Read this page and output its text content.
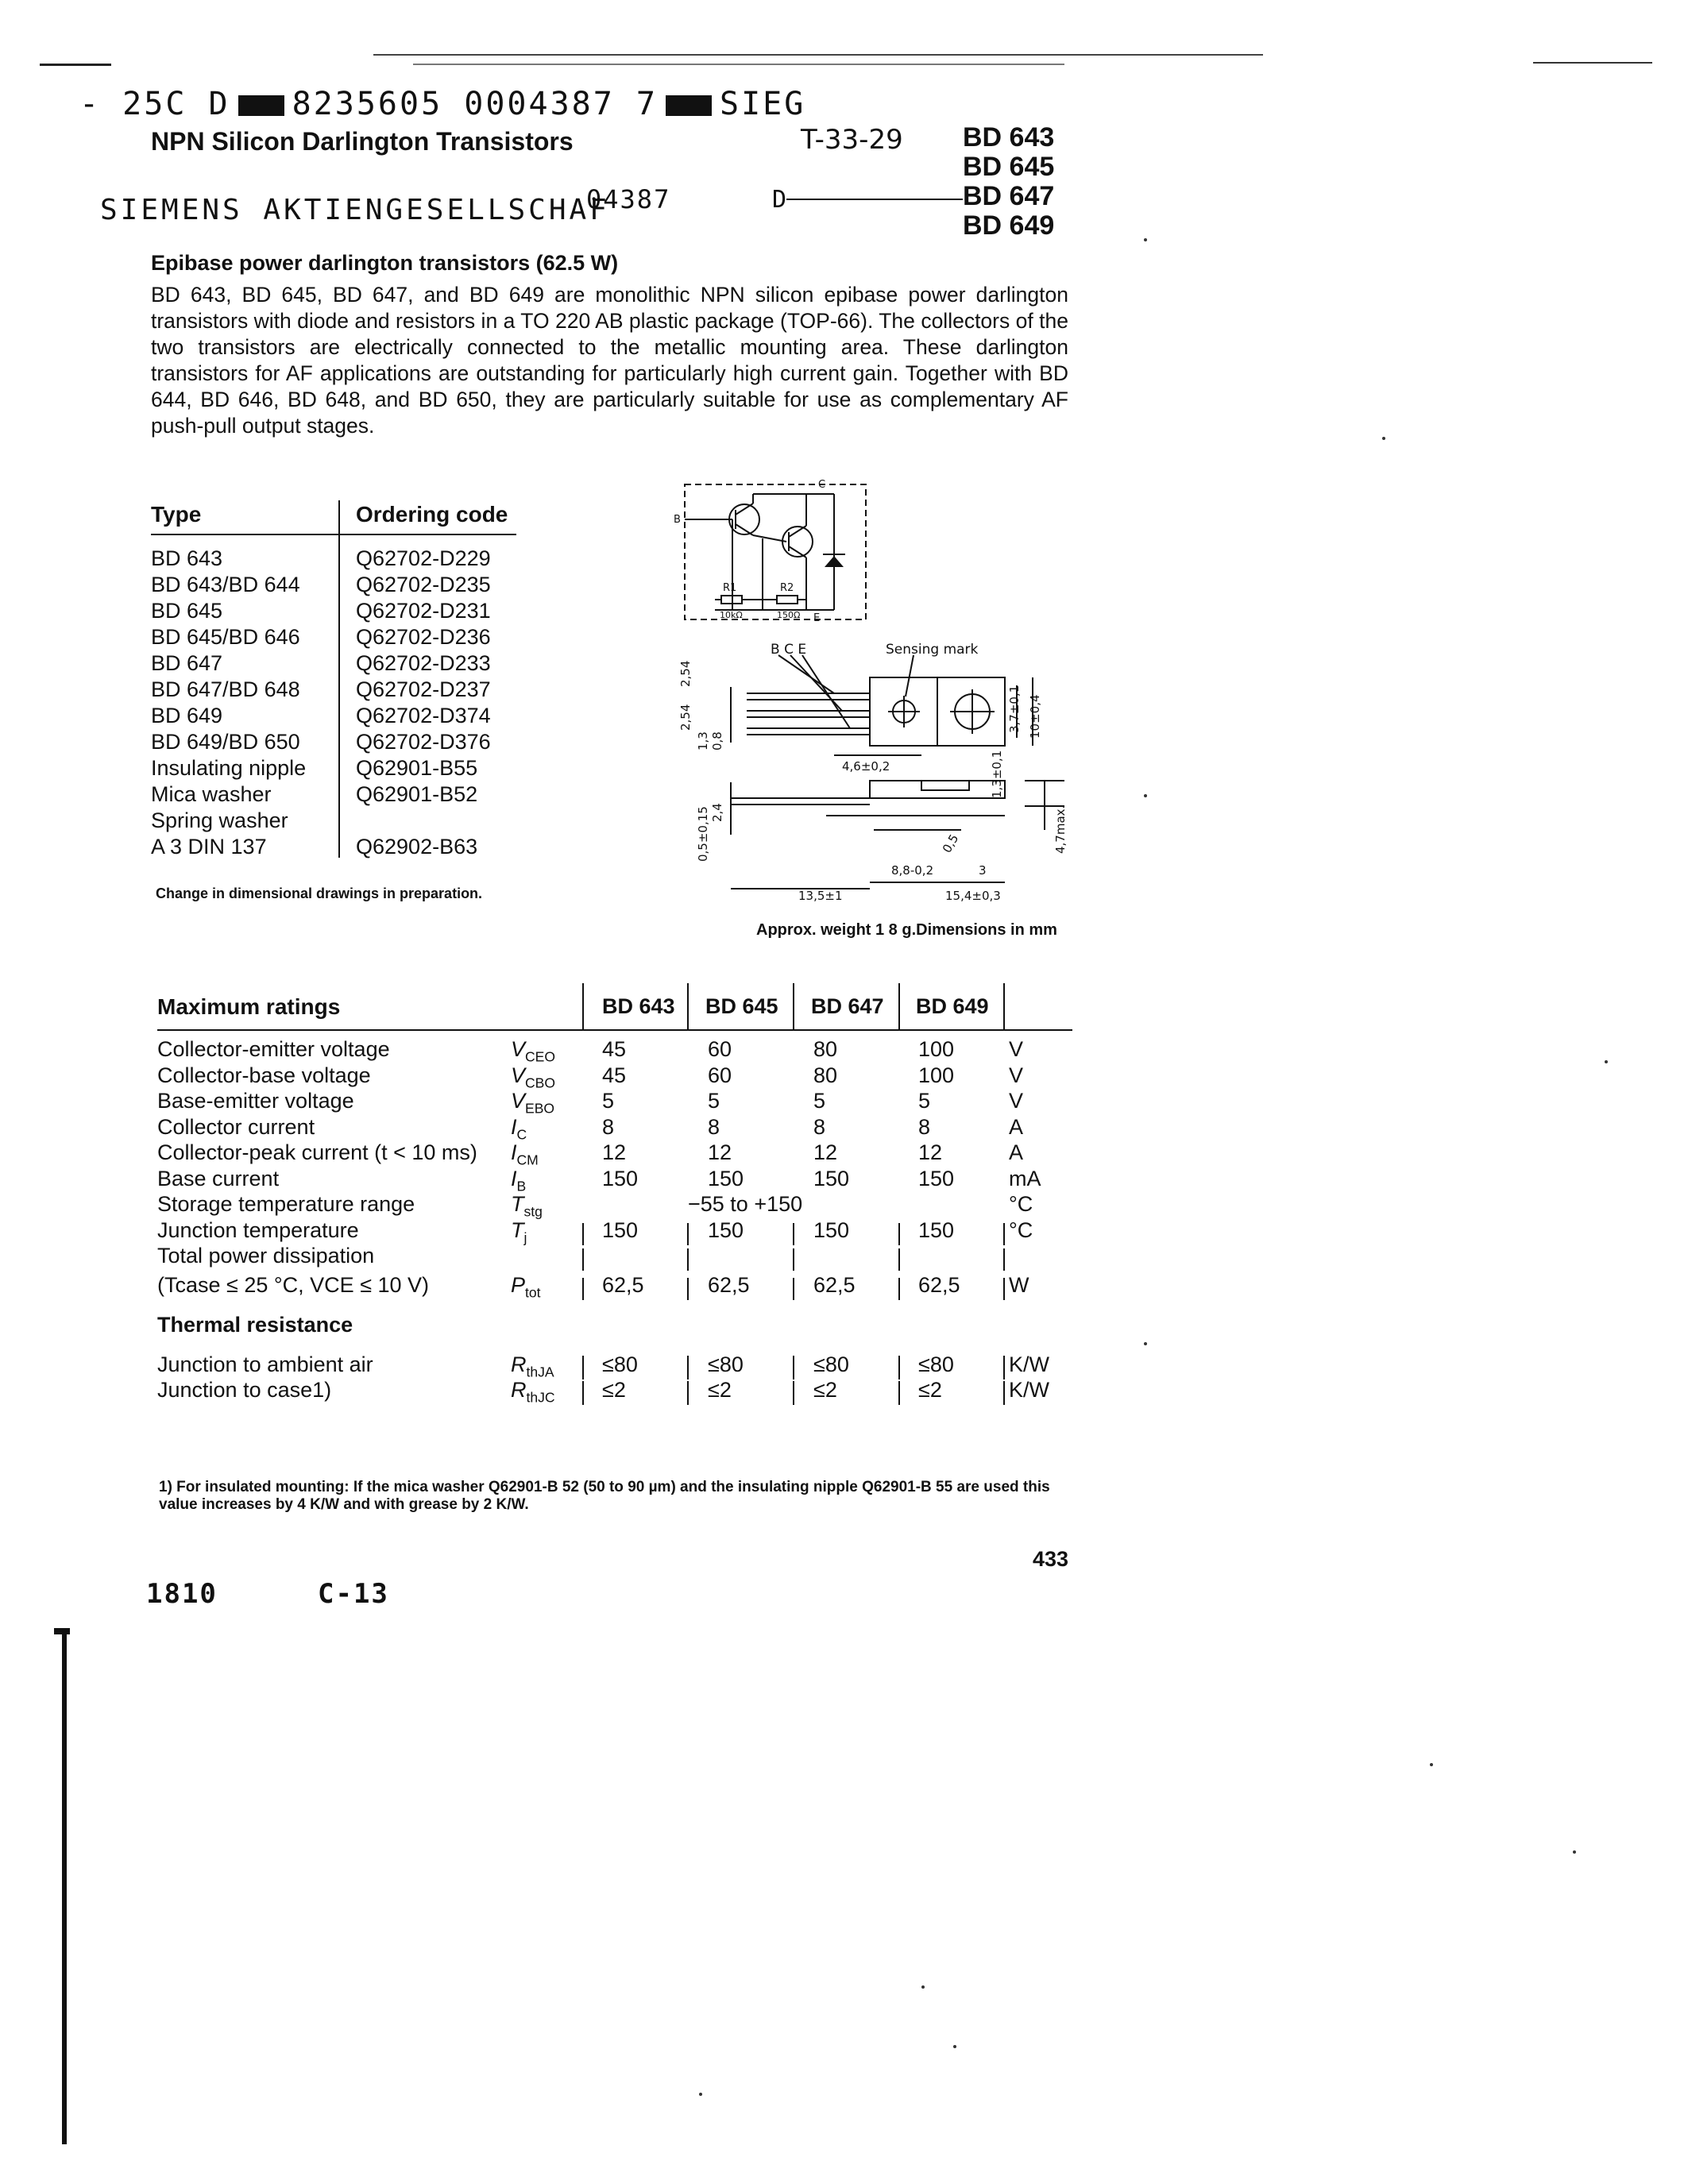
- 25C D 8235605 0004387 7 SIEG
NPN Silicon Darlington Transistors	T-33-29 BD 643
BD 645
BD 647
BD 649
SIEMENS AKTIENGESELLSCHAF
04387	D
Epibase power darlington transistors (62.5 W)
BD 643, BD 645, BD 647, and BD 649 are monolithic NPN silicon epibase power darlington transistors with diode and resistors in a TO 220 AB plastic package (TOP-66). The collectors of the two transistors are electrically connected to the metallic mounting area. These darlington transistors for AF applications are outstanding for particularly high current gain. Together with BD 644, BD 646, BD 648, and BD 650, they are particularly suitable for use as complementary AF push-pull output stages.
Type	Ordering code
BD 643	Q62702-D229
BD 643/BD 644	Q62702-D235
BD 645	Q62702-D231
BD 645/BD 646	Q62702-D236
BD 647	Q62702-D233
BD 647/BD 648	Q62702-D237
BD 649	Q62702-D374
BD 649/BD 650	Q62702-D376
Insulating nipple Q62901-B55
Mica washer	Q62901-B52
Spring washer
A 3 DIN 137	Q62902-B63
Change in dimensional drawings in preparation.
C
B
E
R1	R2
10kΩ	150Ω
B C E	Sensing mark
2,54
2,54
1,3 0,8
4,6±0,2
3,7±0,1 10±0,4
1,3±0,1
4,7max.
2,4
0,5±0,15
13,5±1
8,8-0,2
15,4±0,3
3
0,5
Approx. weight 1 8 g.Dimensions in mm
Maximum ratings	BD 643 BD 645 BD 647 BD 649
Collector-emitter voltage	$V_{CEO}$ 45	60	80	100	V
Collector-base voltage	$V_{CBO}$ 45	60	80	100	V
Base-emitter voltage	$V_{EBO}$ 5	5	5	5	V
Collector current	$I_C$	8	8	8	8	A
Collector-peak current (t < 10 ms) $I_{CM}$	12	12	12	12	A
Base current	$I_B$	150	150	150	150	mA
Storage temperature range	$T_{stg}$	−55 to +150	°C
Junction temperature	$T_j$	150	150	150	150	°C
Total power dissipation
(Tcase ≤ 25 °C, VCE ≤ 10 V)	$P_{tot}$	62,5	62,5	62,5	62,5 W
Thermal resistance
Junction to ambient air	$R_{thJA} \le 80$	≤80	≤80	≤80	K/W
Junction to case1)	$R_{thJC} \le 2$	≤2	≤2	≤2	K/W
1) For insulated mounting: If the mica washer Q62901-B 52 (50 to 90 µm) and the insulating nipple Q62901-B 55 are used this value increases by 4 K/W and with grease by 2 K/W.
433
1810	C-13
